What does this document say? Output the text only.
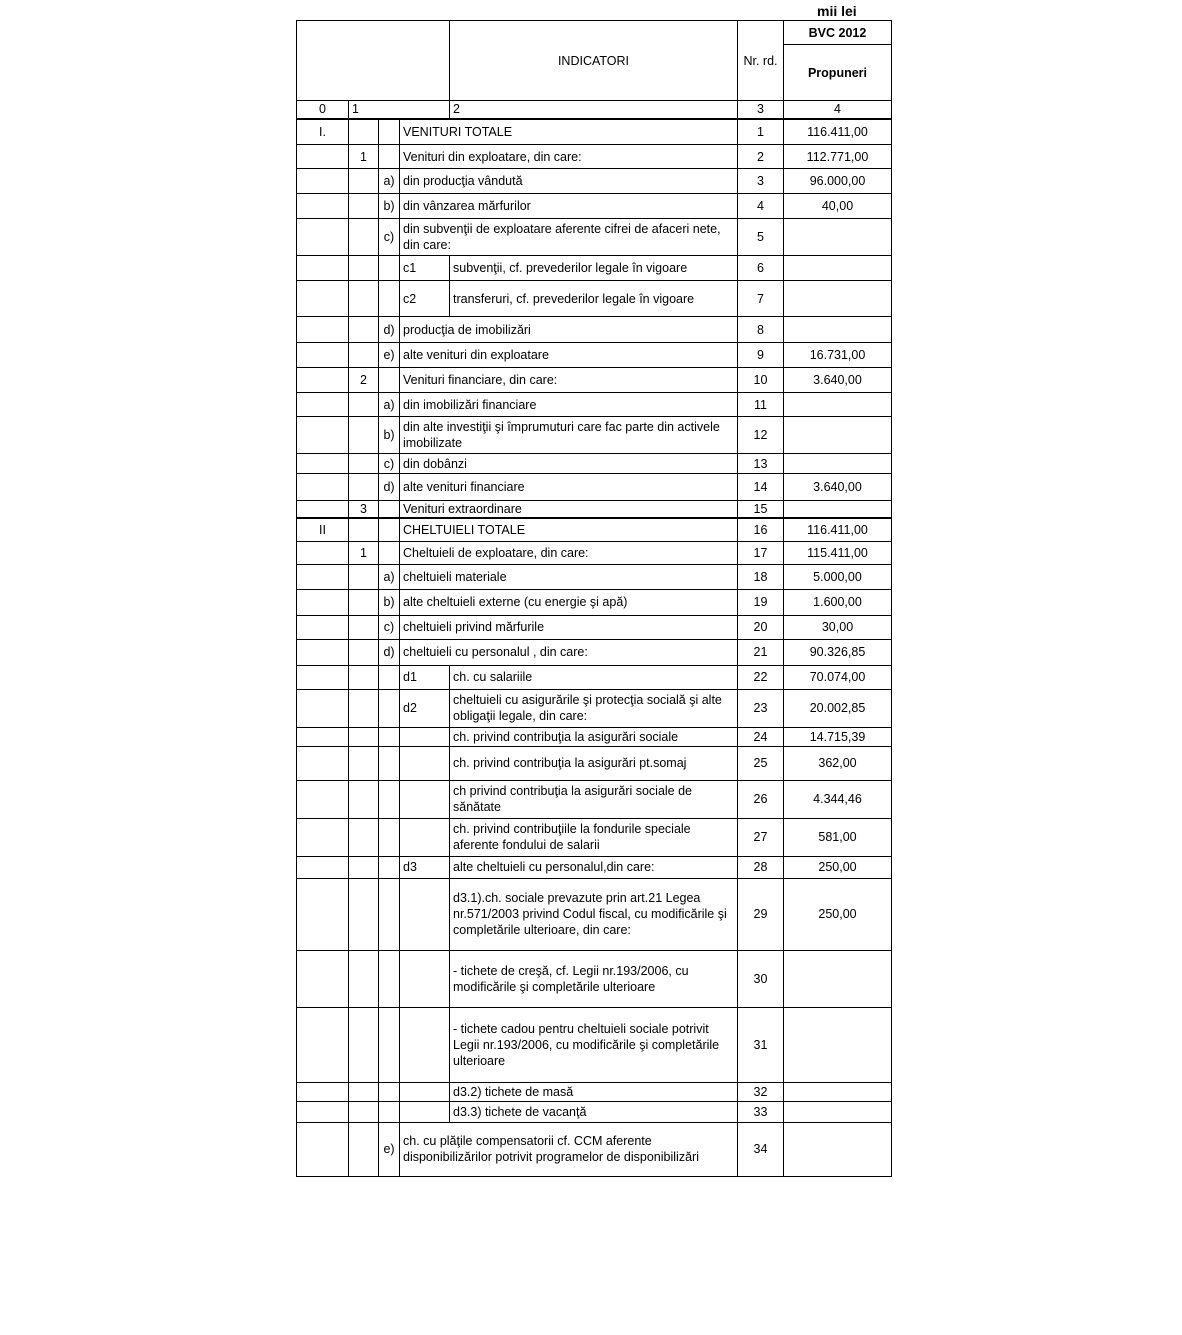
mii lei
				INDICATORI	Nr. rd.	BVC 2012
						Propuneri
0	1			2	3	4
I.			VENITURI TOTALE		1	116.411,00
	1		Venituri din exploatare, din care:		2	112.771,00
		a)	din producţia vândută		3	96.000,00
		b)	din vânzarea mărfurilor		4	40,00
		c)	din subvenţii de exploatare aferente cifrei de afaceri nete, din care:		5	
			c1	subvenţii, cf. prevederilor legale în vigoare	6	
			c2	transferuri, cf. prevederilor legale în vigoare	7	
		d)	producţia de imobilizări		8	
		e)	alte venituri din exploatare		9	16.731,00
	2		Venituri financiare, din care:		10	3.640,00
		a)	din imobilizări financiare		11	
		b)	din alte investiţii şi împrumuturi care fac parte din activele imobilizate		12	
		c)	din dobânzi		13	
		d)	alte venituri financiare		14	3.640,00
	3		Venituri extraordinare		15	
II			CHELTUIELI TOTALE		16	116.411,00
	1		Cheltuieli de exploatare, din care:		17	115.411,00
		a)	cheltuieli materiale		18	5.000,00
		b)	alte cheltuieli externe (cu energie şi apă)		19	1.600,00
		c)	cheltuieli privind mărfurile		20	30,00
		d)	cheltuieli cu personalul , din care:		21	90.326,85
			d1	ch. cu salariile	22	70.074,00
			d2	cheltuieli cu asigurările şi protecţia socială şi alte obligaţii legale, din care:	23	20.002,85
				ch. privind contribuţia la asigurări sociale	24	14.715,39
				ch. privind contribuţia la asigurări pt.somaj	25	362,00
				ch privind contribuţia la asigurări sociale de sănătate	26	4.344,46
				ch. privind contribuţiile la fondurile speciale aferente fondului de salarii	27	581,00
			d3	alte cheltuieli cu personalul,din care:	28	250,00
				d3.1).ch. sociale prevazute prin art.21 Legea nr.571/2003 privind Codul fiscal, cu modificările şi completările ulterioare, din care:	29	250,00
				- tichete de creşă, cf. Legii nr.193/2006, cu modificările şi completările ulterioare	30	
				- tichete cadou pentru cheltuieli sociale potrivit Legii nr.193/2006, cu modificările şi completările ulterioare	31	
				d3.2) tichete de masă	32	
				d3.3) tichete de vacanţă	33	
		e)	ch. cu plăţile compensatorii cf. CCM aferente disponibilizărilor potrivit programelor de disponibilizări		34	
